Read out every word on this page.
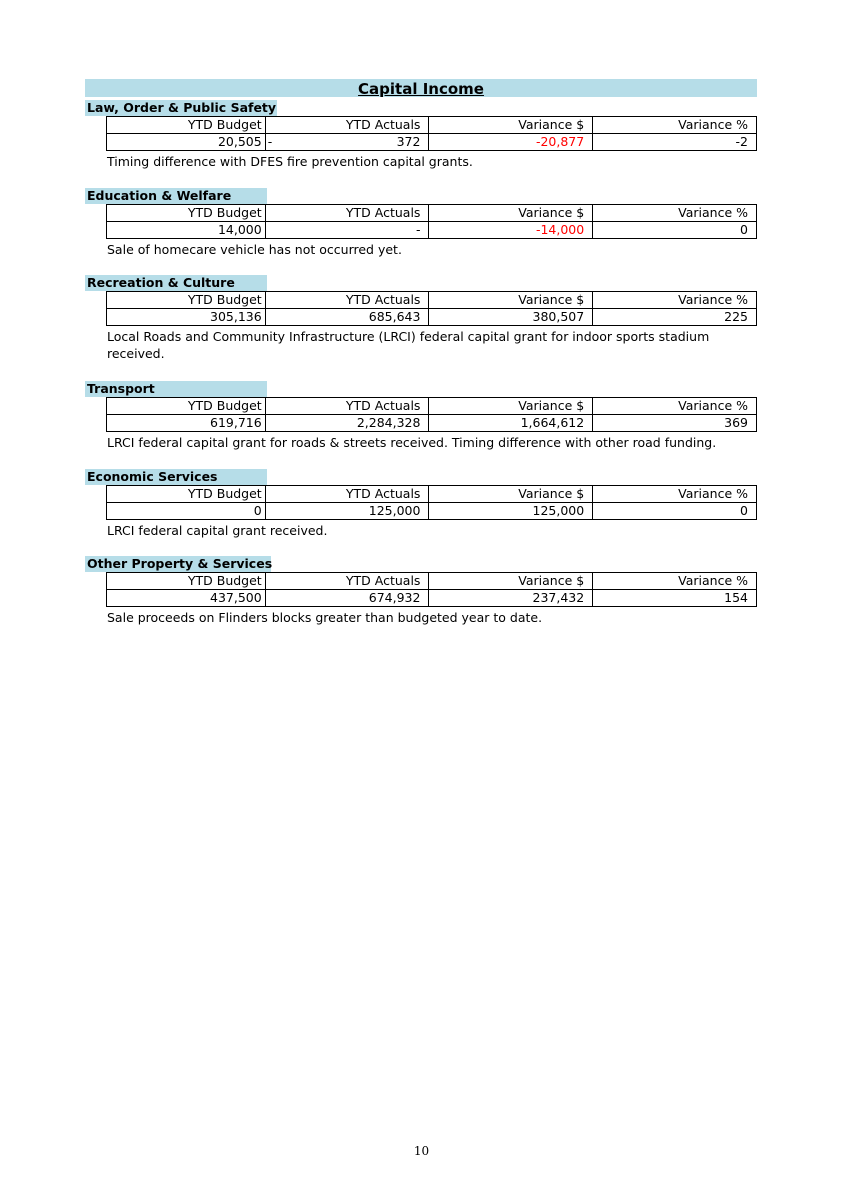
Capital Income
Law, Order & Public Safety
YTD Budget	YTD Actuals	Variance $	Variance %
20,505	- 372	-20,877	-2
Timing difference with DFES fire prevention capital grants.
Education & Welfare
YTD Budget	YTD Actuals	Variance $	Variance %
14,000	-	-14,000	0
Sale of homecare vehicle has not occurred yet.
Recreation & Culture
YTD Budget	YTD Actuals	Variance $	Variance %
305,136	685,643	380,507	225
Local Roads and Community Infrastructure (LRCI) federal capital grant for indoor sports stadium received.
Transport
YTD Budget	YTD Actuals	Variance $	Variance %
619,716	2,284,328	1,664,612	369
LRCI federal capital grant for roads & streets received. Timing difference with other road funding.
Economic Services
YTD Budget	YTD Actuals	Variance $	Variance %
0	125,000	125,000	0
LRCI federal capital grant received.
Other Property & Services
YTD Budget	YTD Actuals	Variance $	Variance %
437,500	674,932	237,432	154
Sale proceeds on Flinders blocks greater than budgeted year to date.
10
